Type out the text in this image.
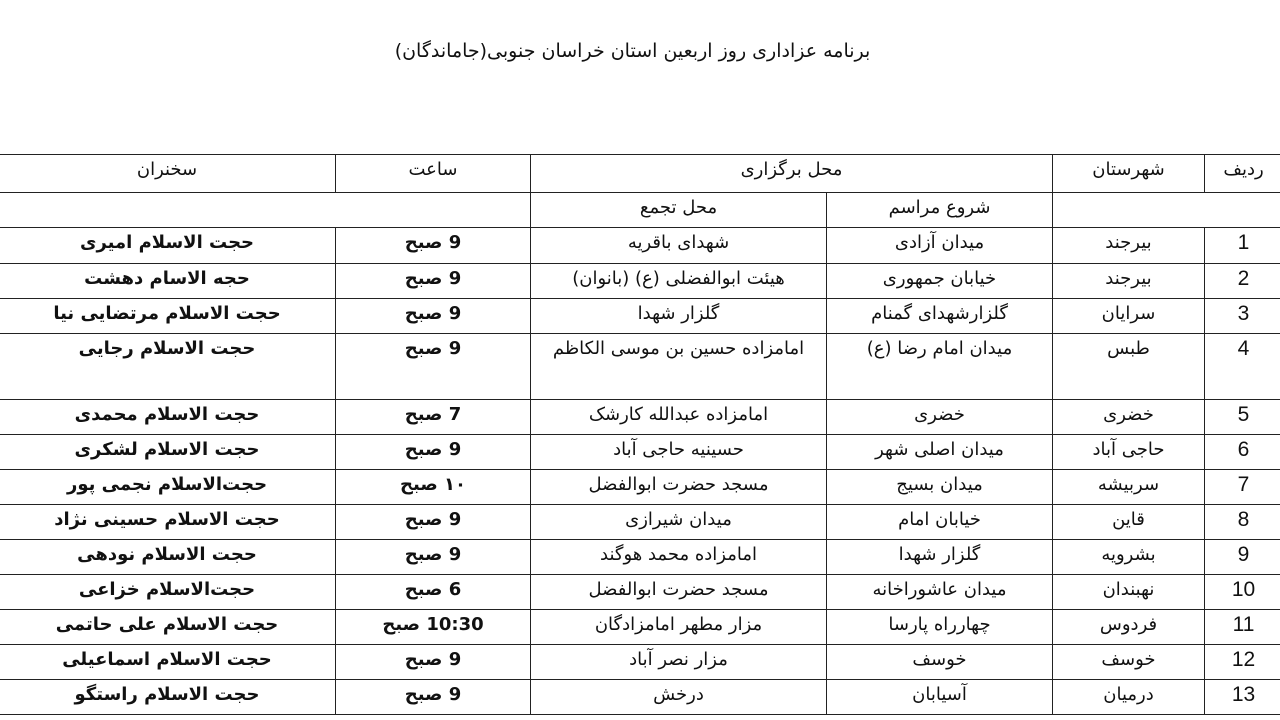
برنامه عزاداری روز اربعین استان خراسان جنوبی(جاماندگان)
ردیف	شهرستان	محل برگزاری		ساعت	سخنران
		شروع مراسم	محل تجمع		
1	بیرجند	میدان آزادی	شهدای باقریه	9 صبح	حجت الاسلام امیری
2	بیرجند	خیابان جمهوری	هیئت ابوالفضلی (ع) (بانوان)	9 صبح	حجه الاسام دهشت
3	سرایان	گلزارشهدای گمنام	گلزار شهدا	9 صبح	حجت الاسلام مرتضایی نیا
4	طبس	میدان امام رضا (ع)	امامزاده حسین بن موسی الکاظم	9 صبح	حجت الاسلام رجایی
5	خضری	خضری	امامزاده عبدالله کارشک	7 صبح	حجت الاسلام محمدی
6	حاجی آباد	میدان اصلی شهر	حسینیه حاجی آباد	9 صبح	حجت الاسلام لشکری
7	سربیشه	میدان بسیج	مسجد حضرت ابوالفضل	۱۰ صبح	حجت‌الاسلام نجمی پور
8	قاین	خیابان امام	میدان شیرازی	9 صبح	حجت الاسلام حسینی نژاد
9	بشرویه	گلزار شهدا	امامزاده محمد هوگند	9 صبح	حجت الاسلام نودهی
10	نهبندان	میدان عاشوراخانه	مسجد حضرت ابوالفضل	6 صبح	حجت‌الاسلام خزاعی
11	فردوس	چهارراه پارسا	مزار مطهر امامزادگان	10:30 صبح	حجت الاسلام علی حاتمی
12	خوسف	خوسف	مزار نصر آباد	9 صبح	حجت الاسلام اسماعیلی
13	درمیان	آسیابان	درخش	9 صبح	حجت الاسلام راستگو
